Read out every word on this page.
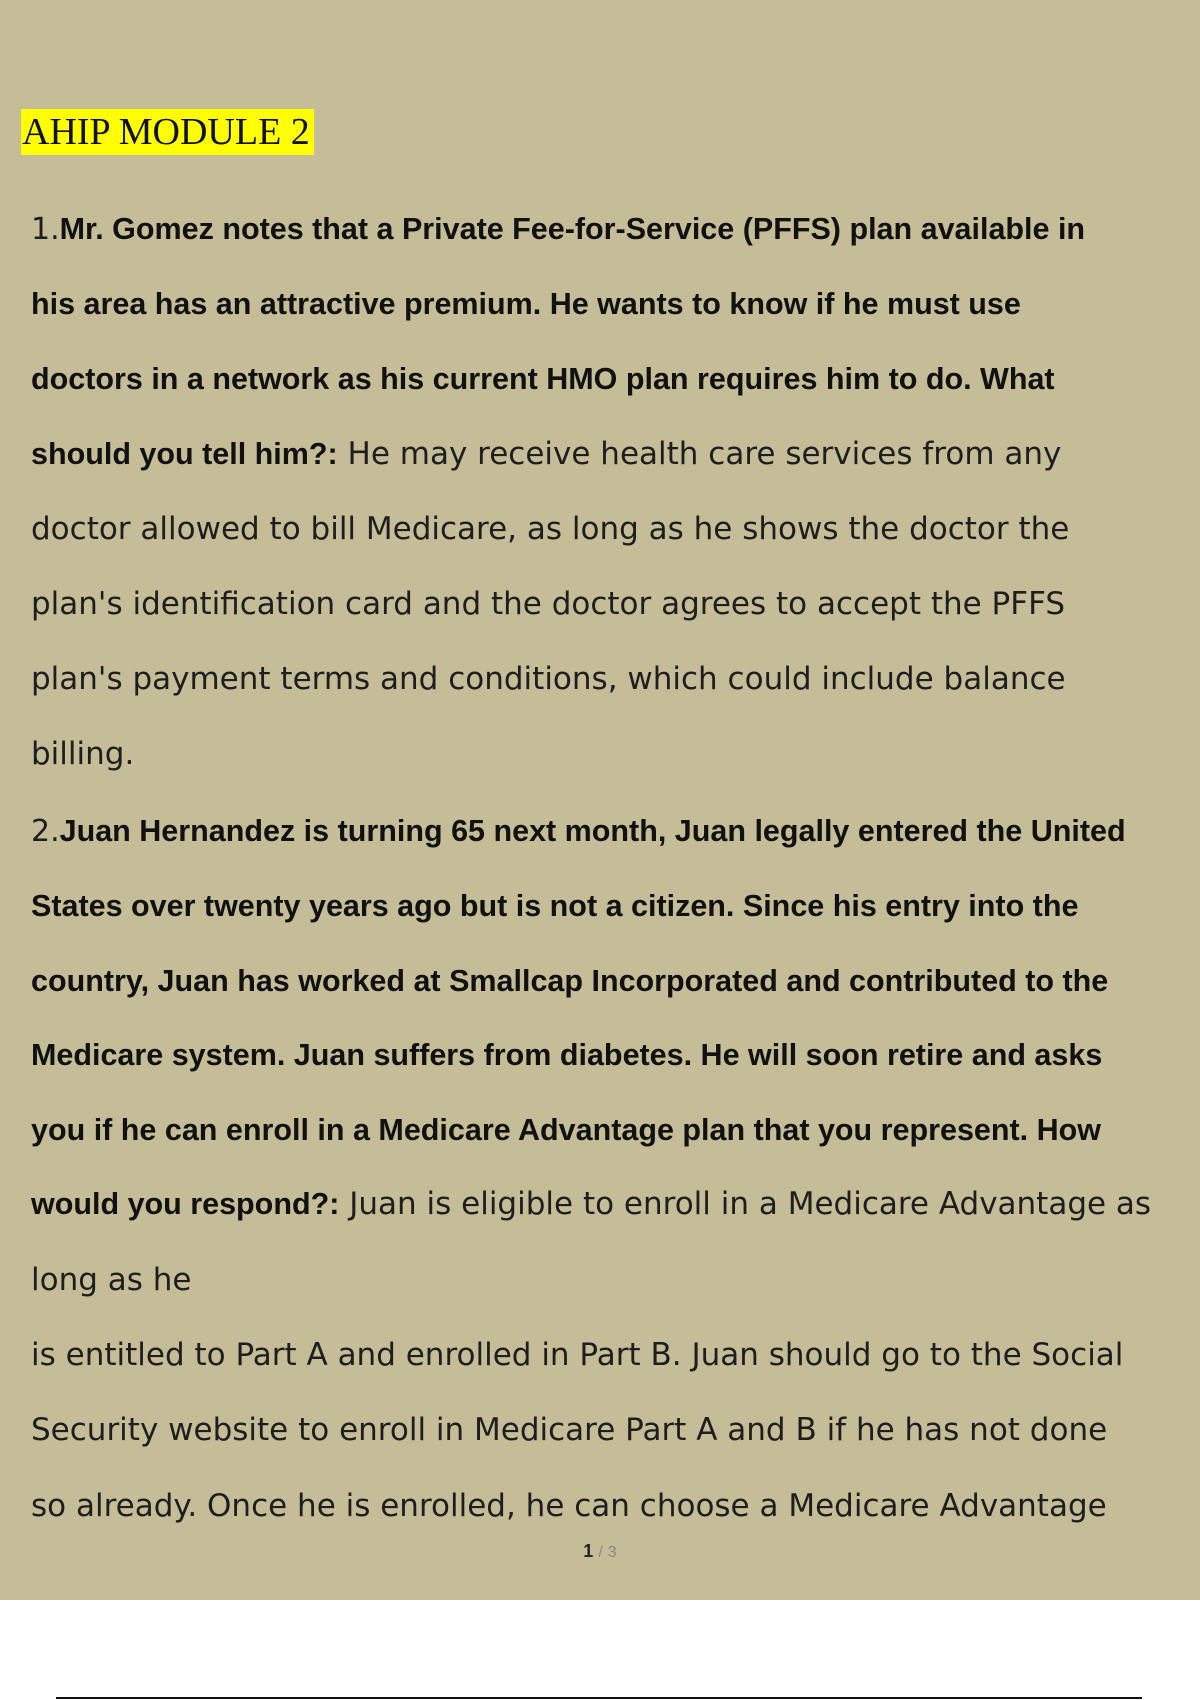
AHIP MODULE 2
1.Mr. Gomez notes that a Private Fee-for-Service (PFFS) plan available in
his area has an attractive premium. He wants to know if he must use
doctors in a network as his current HMO plan requires him to do. What
should you tell him?: He may receive health care services from any
doctor allowed to bill Medicare, as long as he shows the doctor the
plan's identification card and the doctor agrees to accept the PFFS
plan's payment terms and conditions, which could include balance
billing.
2.Juan Hernandez is turning 65 next month, Juan legally entered the United
States over twenty years ago but is not a citizen. Since his entry into the
country, Juan has worked at Smallcap Incorporated and contributed to the
Medicare system. Juan suffers from diabetes. He will soon retire and asks
you if he can enroll in a Medicare Advantage plan that you represent. How
would you respond?: Juan is eligible to enroll in a Medicare Advantage as
long as he
is entitled to Part A and enrolled in Part B. Juan should go to the Social
Security website to enroll in Medicare Part A and B if he has not done
so already. Once he is enrolled, he can choose a Medicare Advantage
1 / 3
